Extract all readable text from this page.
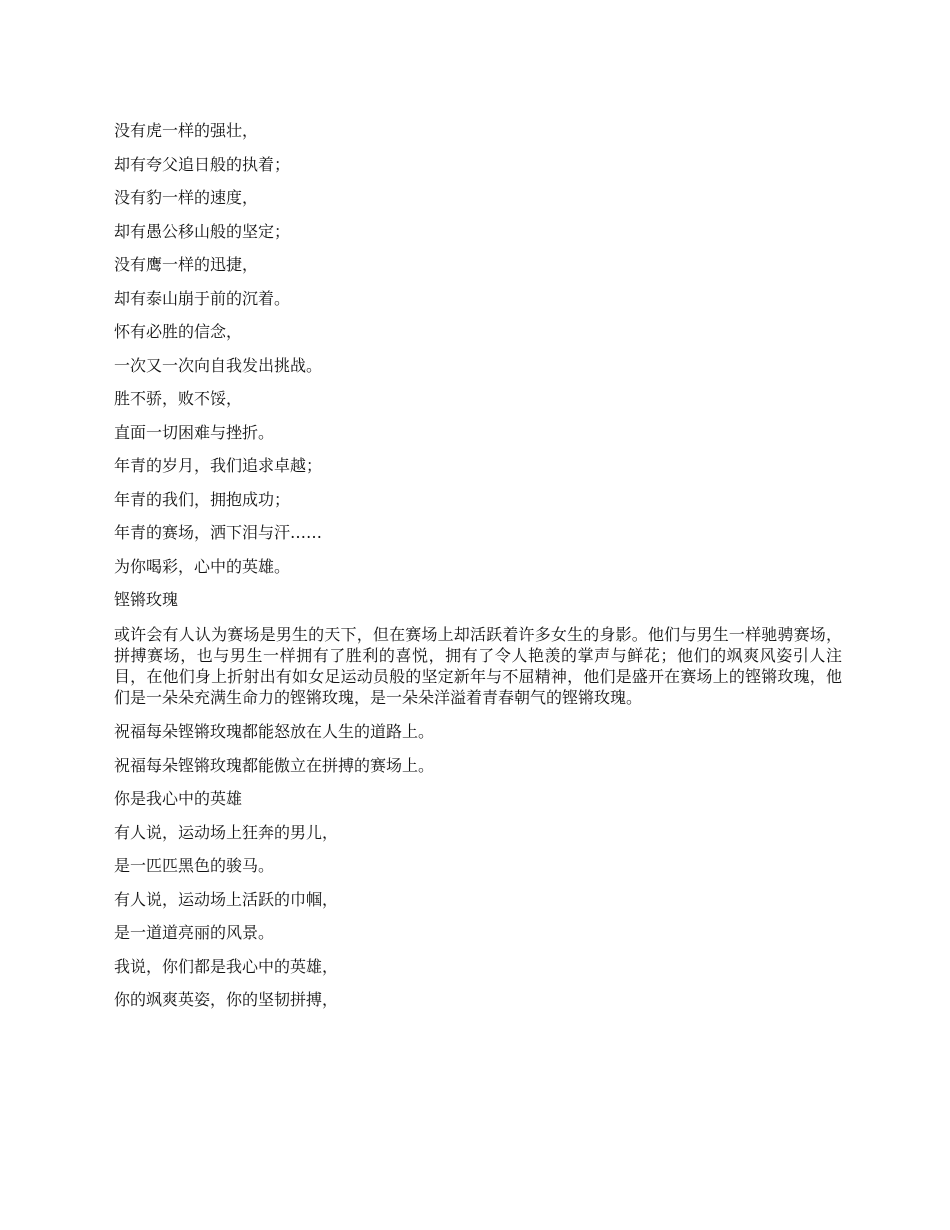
没有虎一样的强壮，

却有夸父追日般的执着；

没有豹一样的速度，

却有愚公移山般的坚定；

没有鹰一样的迅捷，

却有泰山崩于前的沉着。

怀有必胜的信念，

一次又一次向自我发出挑战。

胜不骄，败不馁，

直面一切困难与挫折。

年青的岁月，我们追求卓越；

年青的我们，拥抱成功；

年青的赛场，洒下泪与汗……

为你喝彩，心中的英雄。

铿锵玫瑰

或许会有人认为赛场是男生的天下，但在赛场上却活跃着许多女生的身影。他们与男生一样驰骋赛场，拼搏赛场，也与男生一样拥有了胜利的喜悦，拥有了令人艳羡的掌声与鲜花；他们的飒爽风姿引人注目，在他们身上折射出有如女足运动员般的坚定新年与不屈精神，他们是盛开在赛场上的铿锵玫瑰，他们是一朵朵充满生命力的铿锵玫瑰，是一朵朵洋溢着青春朝气的铿锵玫瑰。

祝福每朵铿锵玫瑰都能怒放在人生的道路上。

祝福每朵铿锵玫瑰都能傲立在拼搏的赛场上。

你是我心中的英雄

有人说，运动场上狂奔的男儿，

是一匹匹黑色的骏马。

有人说，运动场上活跃的巾帼，

是一道道亮丽的风景。

我说，你们都是我心中的英雄，

你的飒爽英姿，你的坚韧拼搏，
